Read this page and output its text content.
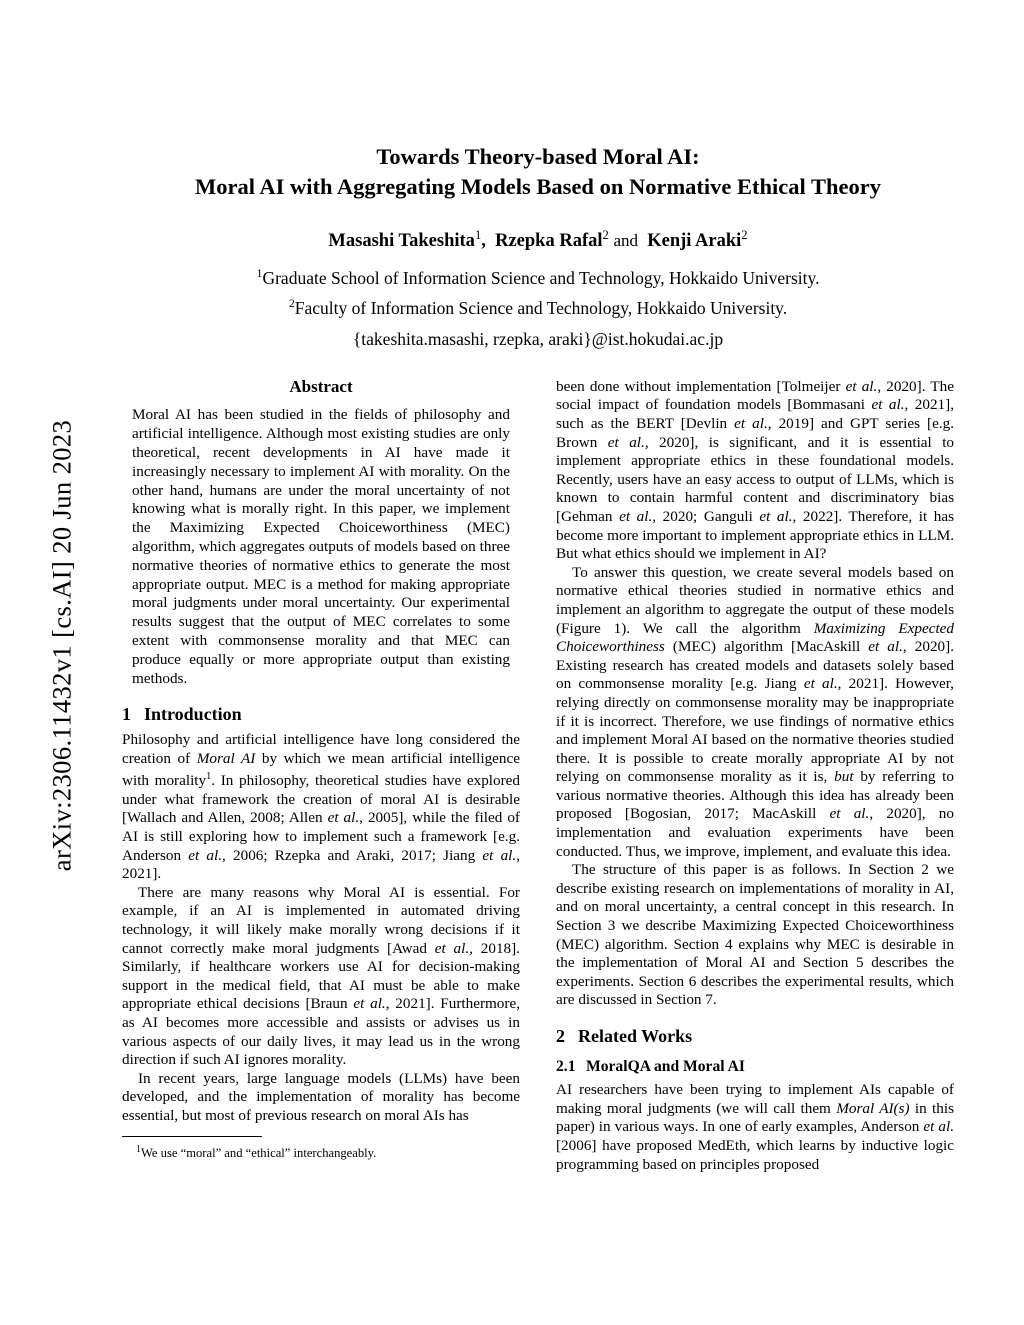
arXiv:2306.11432v1 [cs.AI] 20 Jun 2023
Towards Theory-based Moral AI:
Moral AI with Aggregating Models Based on Normative Ethical Theory
Masashi Takeshita$^1$, Rzepka Rafal$^2$ and Kenji Araki$^2$
$^1$Graduate School of Information Science and Technology, Hokkaido University.
$^2$Faculty of Information Science and Technology, Hokkaido University.
{takeshita.masashi, rzepka, araki}@ist.hokudai.ac.jp
Abstract
Moral AI has been studied in the fields of philosophy and artificial intelligence. Although most existing studies are only theoretical, recent developments in AI have made it increasingly necessary to implement AI with morality. On the other hand, humans are under the moral uncertainty of not knowing what is morally right. In this paper, we implement the Maximizing Expected Choiceworthiness (MEC) algorithm, which aggregates outputs of models based on three normative theories of normative ethics to generate the most appropriate output. MEC is a method for making appropriate moral judgments under moral uncertainty. Our experimental results suggest that the output of MEC correlates to some extent with commonsense morality and that MEC can produce equally or more appropriate output than existing methods.
1 Introduction

Philosophy and artificial intelligence have long considered the creation of Moral AI by which we mean artificial intelligence with morality$^1$. In philosophy, theoretical studies have explored under what framework the creation of moral AI is desirable [Wallach and Allen, 2008; Allen et al., 2005], while the filed of AI is still exploring how to implement such a framework [e.g. Anderson et al., 2006; Rzepka and Araki, 2017; Jiang et al., 2021].

There are many reasons why Moral AI is essential. For example, if an AI is implemented in automated driving technology, it will likely make morally wrong decisions if it cannot correctly make moral judgments [Awad et al., 2018]. Similarly, if healthcare workers use AI for decision-making support in the medical field, that AI must be able to make appropriate ethical decisions [Braun et al., 2021]. Furthermore, as AI becomes more accessible and assists or advises us in various aspects of our daily lives, it may lead us in the wrong direction if such AI ignores morality.

In recent years, large language models (LLMs) have been developed, and the implementation of morality has become essential, but most of previous research on moral AIs has

$^1$We use “moral” and “ethical” interchangeably.

been done without implementation [Tolmeijer et al., 2020]. The social impact of foundation models [Bommasani et al., 2021], such as the BERT [Devlin et al., 2019] and GPT series [e.g. Brown et al., 2020], is significant, and it is essential to implement appropriate ethics in these foundational models. Recently, users have an easy access to output of LLMs, which is known to contain harmful content and discriminatory bias [Gehman et al., 2020; Ganguli et al., 2022]. Therefore, it has become more important to implement appropriate ethics in LLM. But what ethics should we implement in AI?

To answer this question, we create several models based on normative ethical theories studied in normative ethics and implement an algorithm to aggregate the output of these models (Figure 1). We call the algorithm Maximizing Expected Choiceworthiness (MEC) algorithm [MacAskill et al., 2020]. Existing research has created models and datasets solely based on commonsense morality [e.g. Jiang et al., 2021]. However, relying directly on commonsense morality may be inappropriate if it is incorrect. Therefore, we use findings of normative ethics and implement Moral AI based on the normative theories studied there. It is possible to create morally appropriate AI by not relying on commonsense morality as it is, but by referring to various normative theories. Although this idea has already been proposed [Bogosian, 2017; MacAskill et al., 2020], no implementation and evaluation experiments have been conducted. Thus, we improve, implement, and evaluate this idea.

The structure of this paper is as follows. In Section 2 we describe existing research on implementations of morality in AI, and on moral uncertainty, a central concept in this research. In Section 3 we describe Maximizing Expected Choiceworthiness (MEC) algorithm. Section 4 explains why MEC is desirable in the implementation of Moral AI and Section 5 describes the experiments. Section 6 describes the experimental results, which are discussed in Section 7.

2 Related Works
2.1 MoralQA and Moral AI

AI researchers have been trying to implement AIs capable of making moral judgments (we will call them Moral AI(s) in this paper) in various ways. In one of early examples, Anderson et al. [2006] have proposed MedEth, which learns by inductive logic programming based on principles proposed
